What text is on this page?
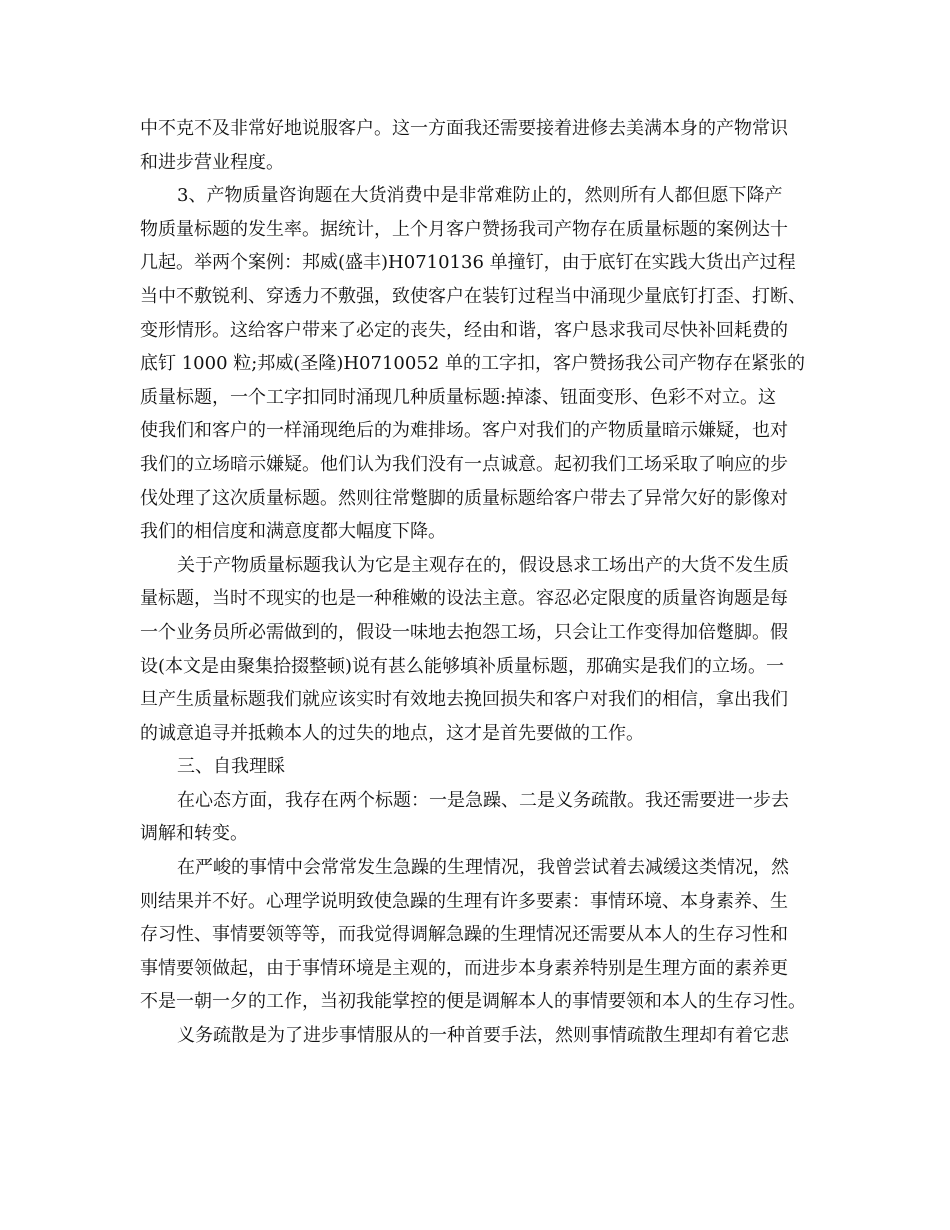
中不克不及非常好地说服客户。这一方面我还需要接着进修去美满本身的产物常识
和进步营业程度。
3、产物质量咨询题在大货消费中是非常难防止的，然则所有人都但愿下降产
物质量标题的发生率。据统计，上个月客户赞扬我司产物存在质量标题的案例达十
几起。举两个案例：邦威(盛丰)H0710136 单撞钉，由于底钉在实践大货出产过程
当中不敷锐利、穿透力不敷强，致使客户在装钉过程当中涌现少量底钉打歪、打断、
变形情形。这给客户带来了必定的丧失，经由和谐，客户恳求我司尽快补回耗费的
底钉 1000 粒;邦威(圣隆)H0710052 单的工字扣，客户赞扬我公司产物存在紧张的
质量标题，一个工字扣同时涌现几种质量标题:掉漆、钮面变形、色彩不对立。这
使我们和客户的一样涌现绝后的为难排场。客户对我们的产物质量暗示嫌疑，也对
我们的立场暗示嫌疑。他们认为我们没有一点诚意。起初我们工场采取了响应的步
伐处理了这次质量标题。然则往常蹩脚的质量标题给客户带去了异常欠好的影像对
我们的相信度和满意度都大幅度下降。
关于产物质量标题我认为它是主观存在的，假设恳求工场出产的大货不发生质
量标题，当时不现实的也是一种稚嫩的设法主意。容忍必定限度的质量咨询题是每
一个业务员所必需做到的，假设一味地去抱怨工场，只会让工作变得加倍蹩脚。假
设(本文是由聚集拾掇整顿)说有甚么能够填补质量标题，那确实是我们的立场。一
旦产生质量标题我们就应该实时有效地去挽回损失和客户对我们的相信，拿出我们
的诚意追寻并抵赖本人的过失的地点，这才是首先要做的工作。
三、自我理睬
在心态方面，我存在两个标题：一是急躁、二是义务疏散。我还需要进一步去
调解和转变。
在严峻的事情中会常常发生急躁的生理情况，我曾尝试着去减缓这类情况，然
则结果并不好。心理学说明致使急躁的生理有许多要素：事情环境、本身素养、生
存习性、事情要领等等，而我觉得调解急躁的生理情况还需要从本人的生存习性和
事情要领做起，由于事情环境是主观的，而进步本身素养特别是生理方面的素养更
不是一朝一夕的工作，当初我能掌控的便是调解本人的事情要领和本人的生存习性。
义务疏散是为了进步事情服从的一种首要手法，然则事情疏散生理却有着它悲
